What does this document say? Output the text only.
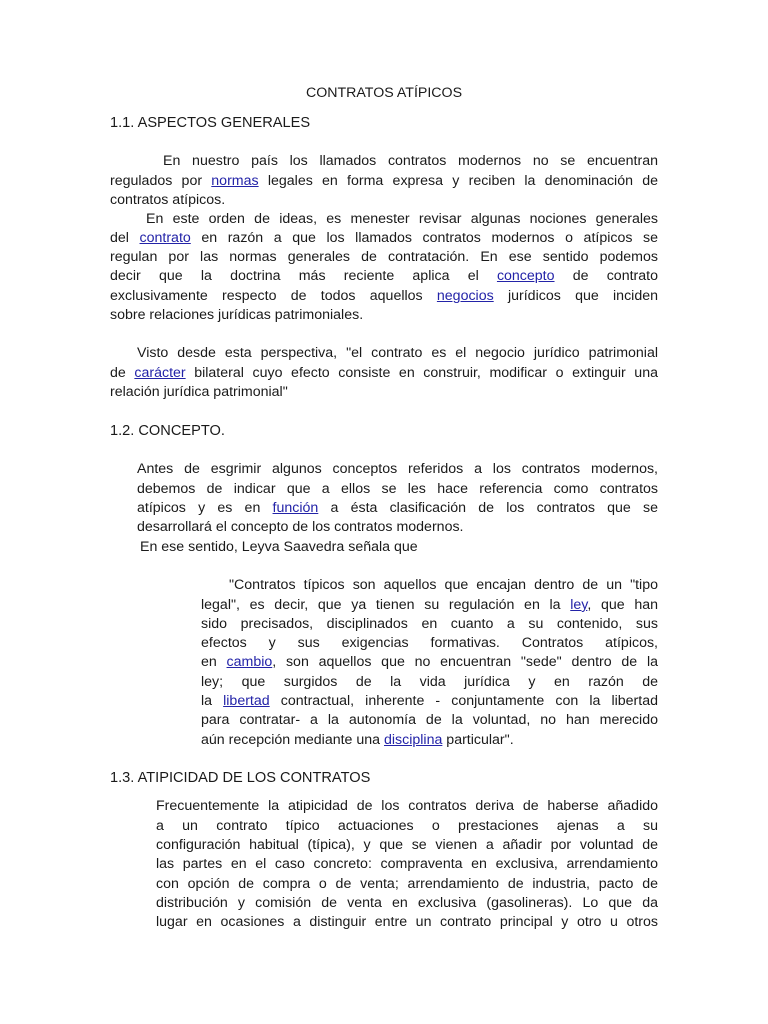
CONTRATOS ATÍPICOS
1.1. ASPECTOS GENERALES
En nuestro país los llamados contratos modernos no se encuentran
regulados por normas legales en forma expresa y reciben la denominación de
contratos atípicos.
En este orden de ideas, es menester revisar algunas nociones generales
del contrato en razón a que los llamados contratos modernos o atípicos se
regulan por las normas generales de contratación. En ese sentido podemos
decir que la doctrina más reciente aplica el concepto de contrato
exclusivamente respecto de todos aquellos negocios jurídicos que inciden
sobre relaciones jurídicas patrimoniales.
Visto desde esta perspectiva, "el contrato es el negocio jurídico patrimonial
de carácter bilateral cuyo efecto consiste en construir, modificar o extinguir una
relación jurídica patrimonial"
1.2. CONCEPTO.
Antes de esgrimir algunos conceptos referidos a los contratos modernos,
debemos de indicar que a ellos se les hace referencia como contratos
atípicos y es en función a ésta clasificación de los contratos que se
desarrollará el concepto de los contratos modernos.
En ese sentido, Leyva Saavedra señala que
"Contratos típicos son aquellos que encajan dentro de un "tipo
legal", es decir, que ya tienen su regulación en la ley, que han
sido precisados, disciplinados en cuanto a su contenido, sus
efectos y sus exigencias formativas. Contratos atípicos,
en cambio, son aquellos que no encuentran "sede" dentro de la
ley; que surgidos de la vida jurídica y en razón de
la libertad contractual, inherente - conjuntamente con la libertad
para contratar- a la autonomía de la voluntad, no han merecido
aún recepción mediante una disciplina particular".
1.3. ATIPICIDAD DE LOS CONTRATOS
Frecuentemente la atipicidad de los contratos deriva de haberse añadido
a un contrato típico actuaciones o prestaciones ajenas a su
configuración habitual (típica), y que se vienen a añadir por voluntad de
las partes en el caso concreto: compraventa en exclusiva, arrendamiento
con opción de compra o de venta; arrendamiento de industria, pacto de
distribución y comisión de venta en exclusiva (gasolineras). Lo que da
lugar en ocasiones a distinguir entre un contrato principal y otro u otros
